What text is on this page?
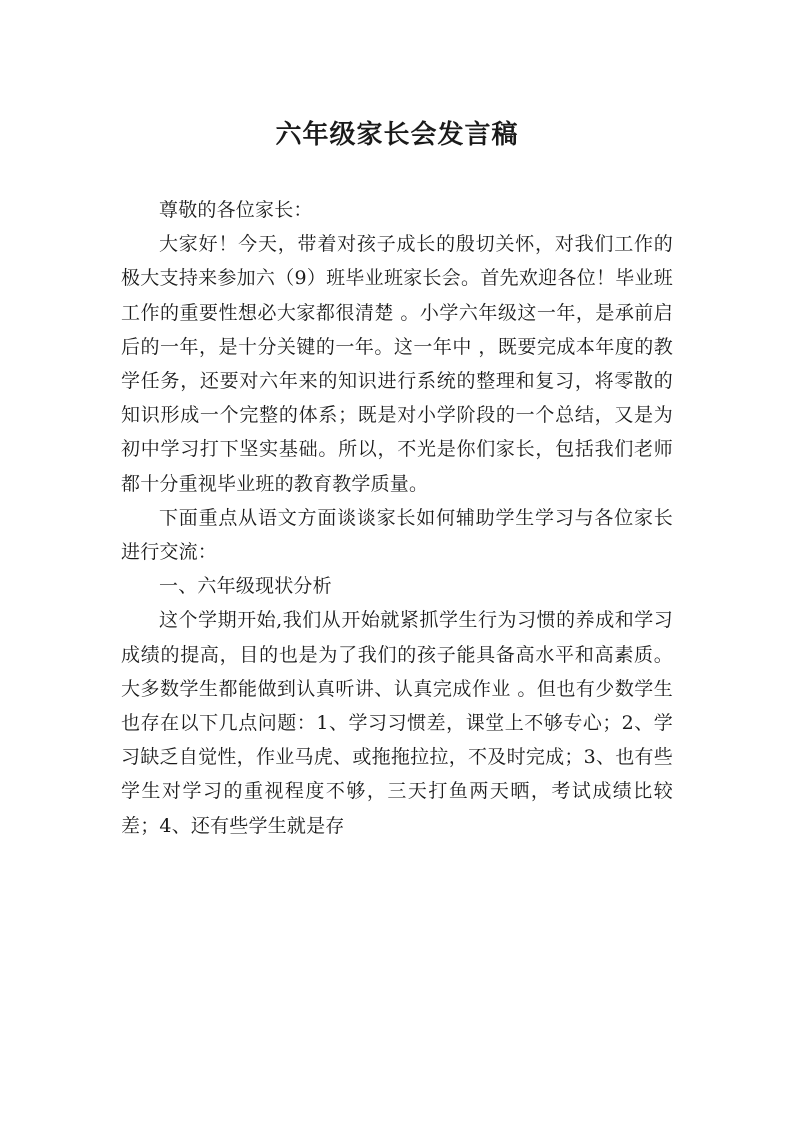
六年级家长会发言稿

尊敬的各位家长：

大家好！今天，带着对孩子成长的殷切关怀，对我们工作的极大支持来参加六（9）班毕业班家长会。首先欢迎各位！毕业班工作的重要性想必大家都很清楚 。小学六年级这一年，是承前启后的一年，是十分关键的一年。这一年中 ，既要完成本年度的教学任务，还要对六年来的知识进行系统的整理和复习，将零散的知识形成一个完整的体系；既是对小学阶段的一个总结，又是为初中学习打下坚实基础。所以，不光是你们家长，包括我们老师都十分重视毕业班的教育教学质量。

下面重点从语文方面谈谈家长如何辅助学生学习与各位家长进行交流：

一、六年级现状分析

这个学期开始,我们从开始就紧抓学生行为习惯的养成和学习成绩的提高，目的也是为了我们的孩子能具备高水平和高素质。大多数学生都能做到认真听讲、认真完成作业 。但也有少数学生也存在以下几点问题：1、学习习惯差，课堂上不够专心；2、学习缺乏自觉性，作业马虎、或拖拖拉拉，不及时完成；3、也有些学生对学习的重视程度不够，三天打鱼两天晒，考试成绩比较差；4、还有些学生就是存
